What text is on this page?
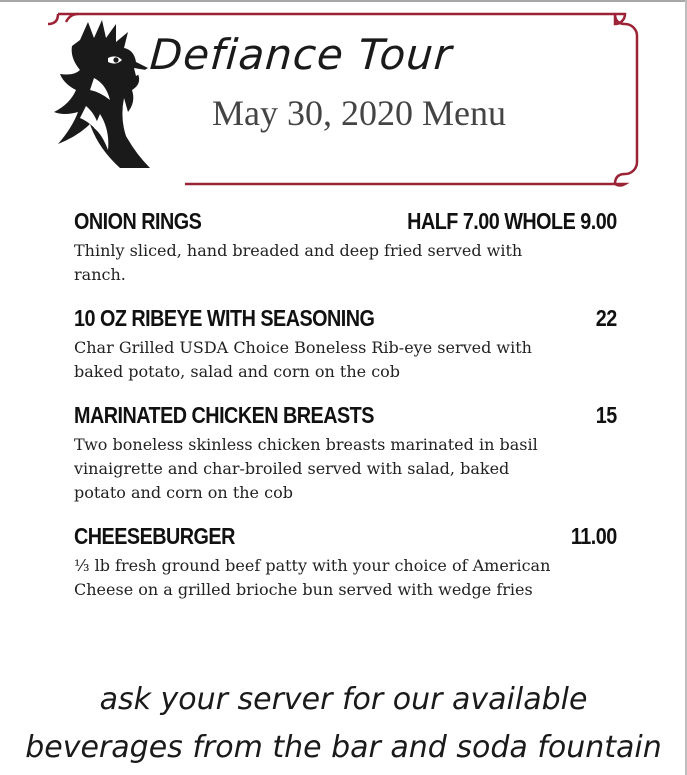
Defiance Tour
May 30, 2020 Menu
ONION RINGS	HALF 7.00 WHOLE 9.00
Thinly sliced, hand breaded and deep fried served with ranch.
10 OZ RIBEYE WITH SEASONING	22
Char Grilled USDA Choice Boneless Rib-eye served with baked potato, salad and corn on the cob
MARINATED CHICKEN BREASTS	15
Two boneless skinless chicken breasts marinated in basil vinaigrette and char-broiled served with salad, baked potato and corn on the cob
CHEESEBURGER	11.00
⅓ lb fresh ground beef patty with your choice of American Cheese on a grilled brioche bun served with wedge fries
ask your server for our available
beverages from the bar and soda fountain
